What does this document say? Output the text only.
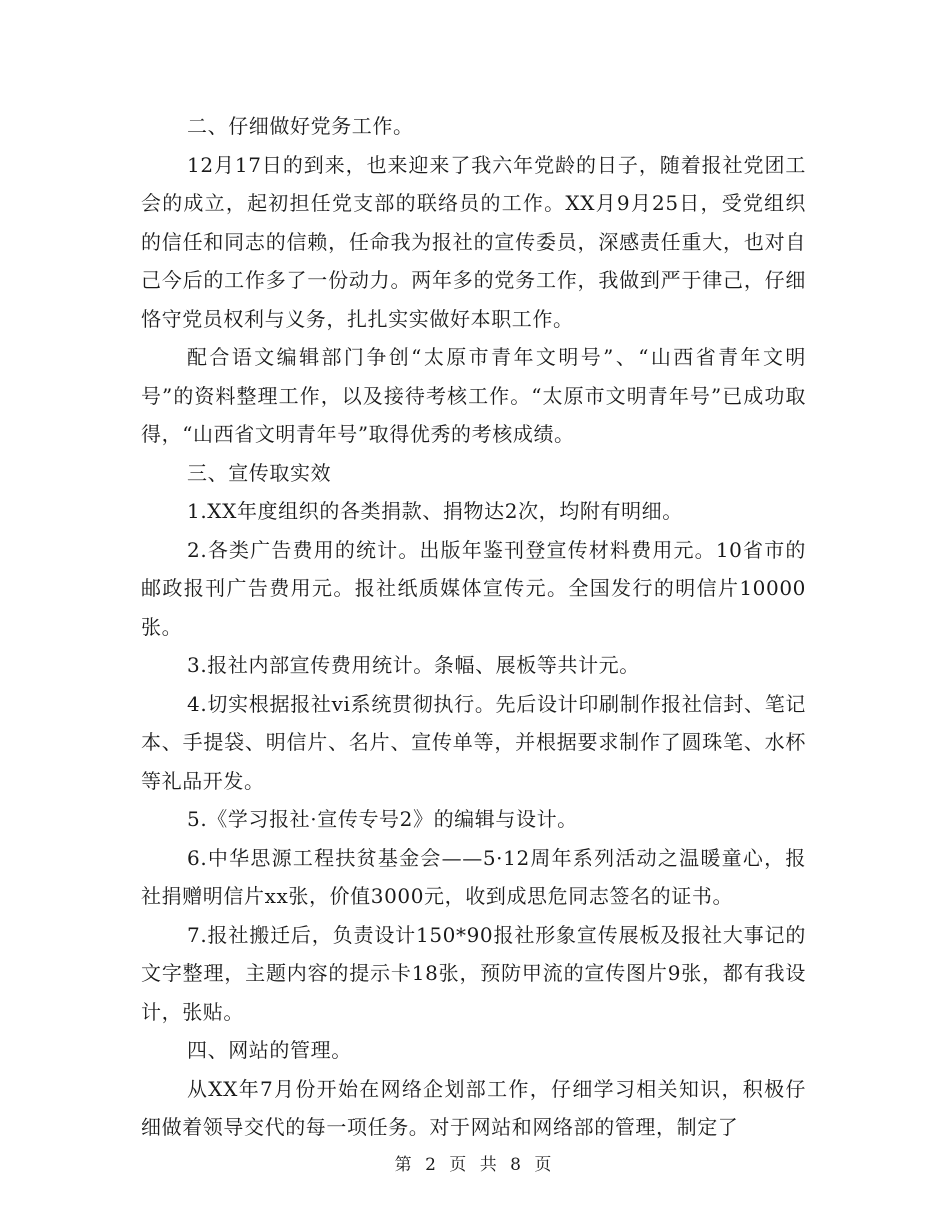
二、仔细做好党务工作。

12月17日的到来，也来迎来了我六年党龄的日子，随着报社党团工会的成立，起初担任党支部的联络员的工作。XX月9月25日，受党组织的信任和同志的信赖，任命我为报社的宣传委员，深感责任重大，也对自己今后的工作多了一份动力。两年多的党务工作，我做到严于律己，仔细恪守党员权利与义务，扎扎实实做好本职工作。

配合语文编辑部门争创“太原市青年文明号”、“山西省青年文明号”的资料整理工作，以及接待考核工作。“太原市文明青年号”已成功取得，“山西省文明青年号”取得优秀的考核成绩。

三、宣传取实效

1.XX年度组织的各类捐款、捐物达2次，均附有明细。

2.各类广告费用的统计。出版年鉴刊登宣传材料费用元。10省市的邮政报刊广告费用元。报社纸质媒体宣传元。全国发行的明信片10000张。

3.报社内部宣传费用统计。条幅、展板等共计元。

4.切实根据报社vi系统贯彻执行。先后设计印刷制作报社信封、笔记本、手提袋、明信片、名片、宣传单等，并根据要求制作了圆珠笔、水杯等礼品开发。

5.《学习报社·宣传专号2》的编辑与设计。

6.中华思源工程扶贫基金会——5·12周年系列活动之温暖童心，报社捐赠明信片xx张，价值3000元，收到成思危同志签名的证书。

7.报社搬迁后，负责设计150*90报社形象宣传展板及报社大事记的文字整理，主题内容的提示卡18张，预防甲流的宣传图片9张，都有我设计，张贴。

四、网站的管理。

从XX年7月份开始在网络企划部工作，仔细学习相关知识，积极仔细做着领导交代的每一项任务。对于网站和网络部的管理，制定了

第 2 页 共 8 页
